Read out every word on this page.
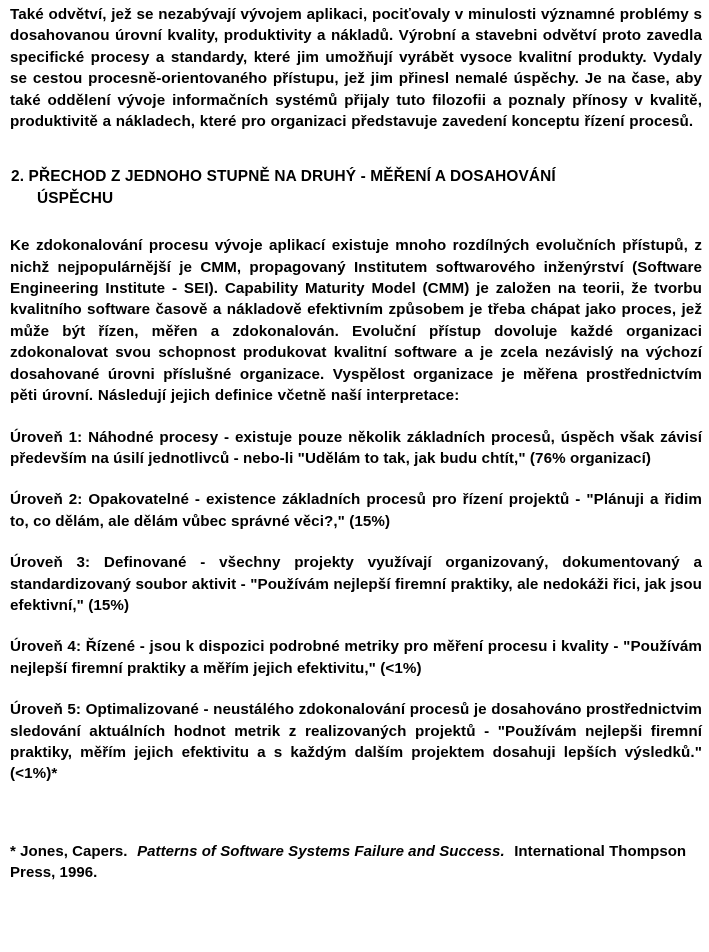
Také odvětví, jež se nezabývají vývojem aplikaci, pociťovaly v minulosti významné problémy s dosahovanou úrovní kvality, produktivity a nákladů. Výrobní a stavebni odvětví proto zavedla specifické procesy a standardy, které jim umožňují vyrábět vysoce kvalitní produkty. Vydaly se cestou procesně-orientovaného přístupu, jež jim přinesl nemalé úspěchy. Je na čase, aby také oddělení vývoje informačních systémů přijaly tuto filozofii a poznaly přínosy v kvalitě, produktivitě a nákladech, které pro organizaci představuje zavedení konceptu řízení procesů.

2. PŘECHOD Z JEDNOHO STUPNĚ NA DRUHÝ - MĚŘENÍ A DOSAHOVÁNÍ
ÚSPĚCHU

Ke zdokonalování procesu vývoje aplikací existuje mnoho rozdílných evolučních přístupů, z nichž nejpopulárnější je CMM, propagovaný Institutem softwarového inženýrství (Software Engineering Institute - SEI). Capability Maturity Model (CMM) je založen na teorii, že tvorbu kvalitního software časově a nákladově efektivním způsobem je třeba chápat jako proces, jež může být řízen, měřen a zdokonalován. Evoluční přístup dovoluje každé organizaci zdokonalovat svou schopnost produkovat kvalitní software a je zcela nezávislý na výchozí dosahované úrovni příslušné organizace. Vyspělost organizace je měřena prostřednictvím pěti úrovní. Následují jejich definice včetně naší interpretace:

Úroveň 1: Náhodné procesy - existuje pouze několik základních procesů, úspěch však závisí především na úsilí jednotlivců - nebo-li "Udělám to tak, jak budu chtít," (76% organizací)

Úroveň 2: Opakovatelné - existence základních procesů pro řízení projektů - "Plánuji a řidim to, co dělám, ale dělám vůbec správné věci?," (15%)

Úroveň 3: Definované - všechny projekty využívají organizovaný, dokumentovaný a standardizovaný soubor aktivit - "Používám nejlepší firemní praktiky, ale nedokáži řici, jak jsou efektivní," (15%)

Úroveň 4: Řízené - jsou k dispozici podrobné metriky pro měření procesu i kvality - "Používám nejlepší firemní praktiky a měřím jejich efektivitu," (<1%)

Úroveň 5: Optimalizované - neustálého zdokonalování procesů je dosahováno prostřednictvim sledování aktuálních hodnot metrik z realizovaných projektů - "Používám nejlepši firemní praktiky, měřím jejich efektivitu a s každým dalším projektem dosahuji lepších výsledků." (<1%)*

* Jones, Capers. Patterns of Software Systems Failure and Success. International Thompson Press, 1996.
